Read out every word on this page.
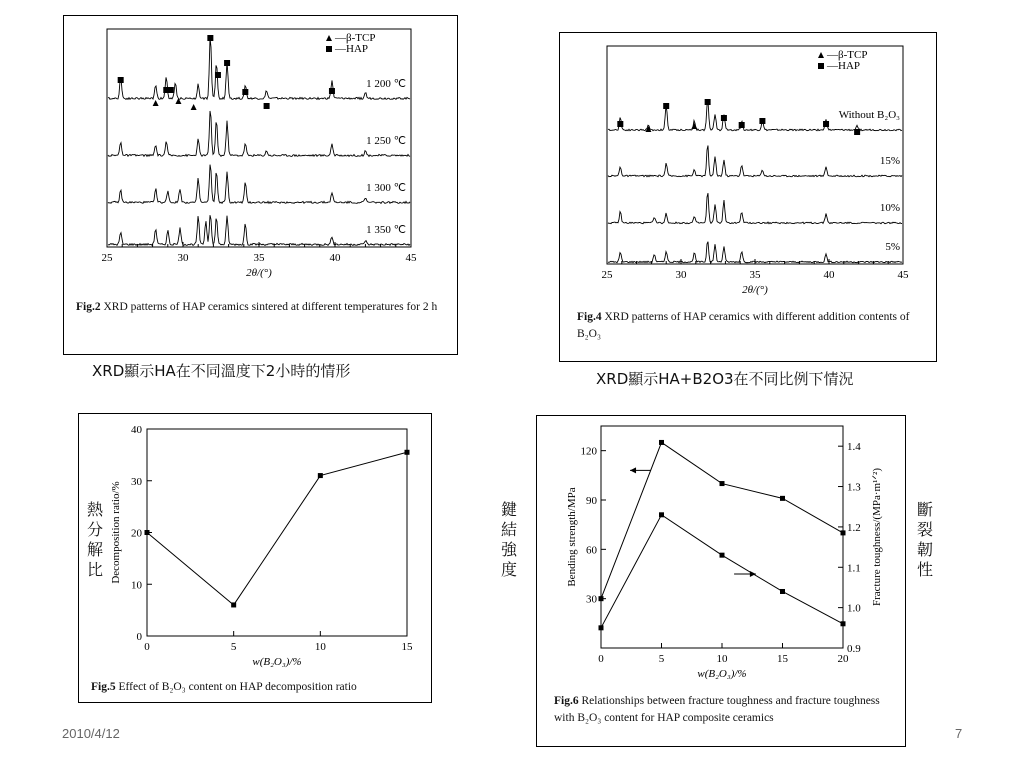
25	30	35	40	45
2θ/(°)
1 200 ℃
1 250 ℃
1 300 ℃
1 350 ℃
—β-TCP
—HAP
Fig.2 XRD patterns of HAP ceramics sintered at different temperatures for 2 h
XRD顯示HA在不同溫度下2小時的情形
25	30	35	40	45
2θ/(°)
Without B₂O₃
15%
10%
5%
—β-TCP
—HAP
Fig.4 XRD patterns of HAP ceramics with different addition contents of B₂O₃
XRD顯示HA+B2O3在不同比例下情況
0	5	10	15
0
10
20
30
40
w(B₂O₃)/%
Decomposition ratio/%
Fig.5 Effect of B₂O₃ content on HAP decomposition ratio
熱分解比
0	5	10	15	20
30
60
90
120
0.9
1.0
1.1
1.2
1.3
1.4
w(B₂O₃)/%
Bending strength/MPa	Fracture toughness/(MPa·m¹ᐟ²)
Fig.6 Relationships between fracture toughness and fracture toughness with B₂O₃ content for HAP composite ceramics
鍵結強度
斷裂韌性
2010/4/12	7
